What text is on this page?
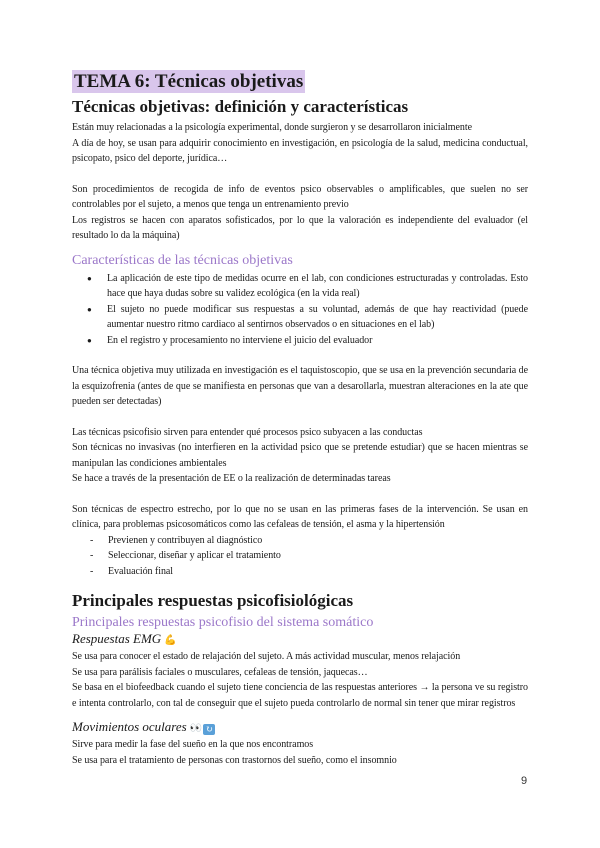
TEMA 6: Técnicas objetivas
Técnicas objetivas: definición y características

Están muy relacionadas a la psicología experimental, donde surgieron y se desarrollaron inicialmente

A día de hoy, se usan para adquirir conocimiento en investigación, en psicología de la salud, medicina conductual, psicopato, psico del deporte, jurídica…

Son procedimientos de recogida de info de eventos psico observables o amplificables, que suelen no ser controlables por el sujeto, a menos que tenga un entrenamiento previo

Los registros se hacen con aparatos sofisticados, por lo que la valoración es independiente del evaluador (el resultado lo da la máquina)

Características de las técnicas objetivas
● La aplicación de este tipo de medidas ocurre en el lab, con condiciones estructuradas y controladas. Esto hace que haya dudas sobre su validez ecológica (en la vida real)
● El sujeto no puede modificar sus respuestas a su voluntad, además de que hay reactividad (puede aumentar nuestro ritmo cardiaco al sentirnos observados o en situaciones en el lab)
● En el registro y procesamiento no interviene el juicio del evaluador

Una técnica objetiva muy utilizada en investigación es el taquistoscopio, que se usa en la prevención secundaria de la esquizofrenia (antes de que se manifiesta en personas que van a desarollarla, muestran alteraciones en la ate que pueden ser detectadas)

Las técnicas psicofisio sirven para entender qué procesos psico subyacen a las conductas

Son técnicas no invasivas (no interfieren en la actividad psico que se pretende estudiar) que se hacen mientras se manipulan las condiciones ambientales

Se hace a través de la presentación de EE o la realización de determinadas tareas

Son técnicas de espectro estrecho, por lo que no se usan en las primeras fases de la intervención. Se usan en clínica, para problemas psicosomáticos como las cefaleas de tensión, el asma y la hipertensión

- Previenen y contribuyen al diagnóstico
- Seleccionar, diseñar y aplicar el tratamiento
- Evaluación final
Principales respuestas psicofisiológicas
Principales respuestas psicofisio del sistema somático
Respuestas EMG 💪

Se usa para conocer el estado de relajación del sujeto. A más actividad muscular, menos relajación

Se usa para parálisis faciales o musculares, cefaleas de tensión, jaquecas…

Se basa en el biofeedback cuando el sujeto tiene conciencia de las respuestas anteriores → la persona ve su registro e intenta controlarlo, con tal de conseguir que el sujeto pueda controlarlo de normal sin tener que mirar registros

Movimientos oculares 👀 ↻

Sirve para medir la fase del sueño en la que nos encontramos

Se usa para el tratamiento de personas con trastornos del sueño, como el insomnio

9
